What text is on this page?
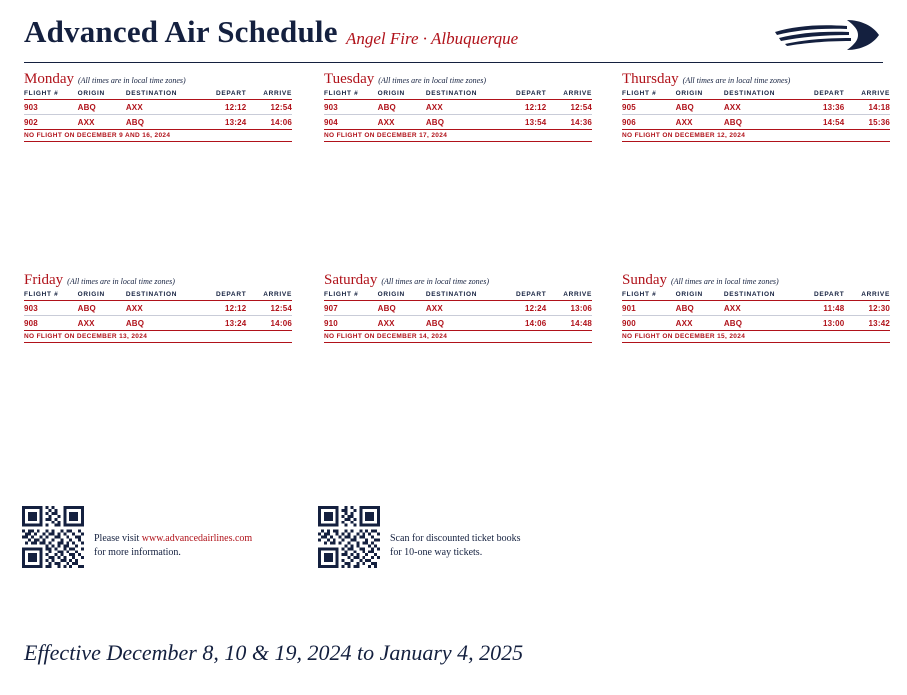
Advanced Air Schedule Angel Fire · Albuquerque
Monday (All times are in local time zones)
FLIGHT #	ORIGIN	DESTINATION	DEPART	ARRIVE
903	ABQ	AXX	12:12	12:54
902	AXX	ABQ	13:24	14:06
NO FLIGHT ON DECEMBER 9 AND 16, 2024
Tuesday (All times are in local time zones)
FLIGHT #	ORIGIN	DESTINATION	DEPART	ARRIVE
903	ABQ	AXX	12:12	12:54
904	AXX	ABQ	13:54	14:36
NO FLIGHT ON DECEMBER 17, 2024
Thursday (All times are in local time zones)
FLIGHT #	ORIGIN	DESTINATION	DEPART	ARRIVE
905	ABQ	AXX	13:36	14:18
906	AXX	ABQ	14:54	15:36
NO FLIGHT ON DECEMBER 12, 2024
Friday (All times are in local time zones)
FLIGHT #	ORIGIN	DESTINATION	DEPART	ARRIVE
903	ABQ	AXX	12:12	12:54
908	AXX	ABQ	13:24	14:06
NO FLIGHT ON DECEMBER 13, 2024
Saturday (All times are in local time zones)
FLIGHT #	ORIGIN	DESTINATION	DEPART	ARRIVE
907	ABQ	AXX	12:24	13:06
910	AXX	ABQ	14:06	14:48
NO FLIGHT ON DECEMBER 14, 2024
Sunday (All times are in local time zones)
FLIGHT #	ORIGIN	DESTINATION	DEPART	ARRIVE
901	ABQ	AXX	11:48	12:30
900	AXX	ABQ	13:00	13:42
NO FLIGHT ON DECEMBER 15, 2024
Please visit www.advancedairlines.com
for more information.
Scan for discounted ticket books
for 10-one way tickets.
Effective December 8, 10 & 19, 2024 to January 4, 2025
